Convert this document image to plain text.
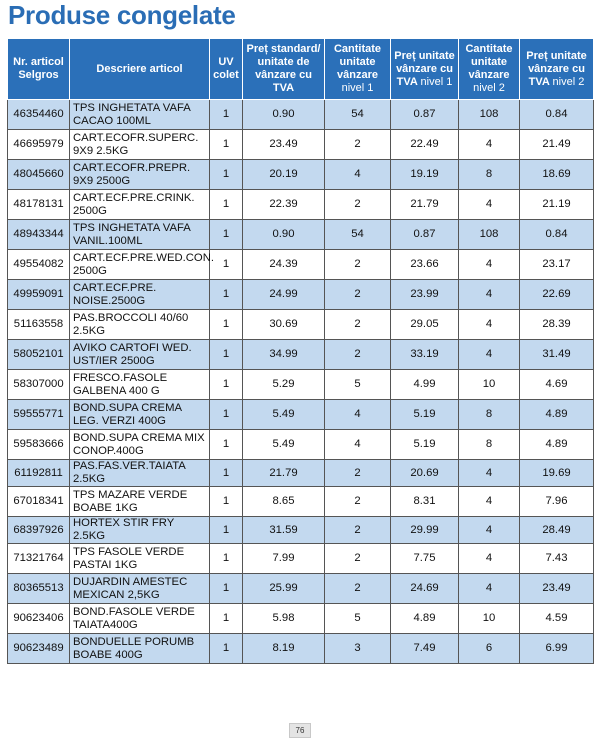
Produse congelate
Nr. articol Selgros	Descriere articol	UV colet	Preț standard/ unitate de vânzare cu TVA	Cantitate unitate vânzare nivel 1	Preț unitate vânzare cu TVA nivel 1	Cantitate unitate vânzare nivel 2	Preț unitate vânzare cu TVA nivel 2
46354460	TPS INGHETATA VAFA CACAO 100ML	1	0.90	54	0.87	108	0.84
46695979	CART.ECOFR.SUPERC. 9X9 2.5KG	1	23.49	2	22.49	4	21.49
48045660	CART.ECOFR.PREPR. 9X9 2500G	1	20.19	4	19.19	8	18.69
48178131	CART.ECF.PRE.CRINK. 2500G	1	22.39	2	21.79	4	21.19
48943344	TPS INGHETATA VAFA VANIL.100ML	1	0.90	54	0.87	108	0.84
49554082	CART.ECF.PRE.WED.CON. 2500G	1	24.39	2	23.66	4	23.17
49959091	CART.ECF.PRE. NOISE.2500G	1	24.99	2	23.99	4	22.69
51163558	PAS.BROCCOLI 40/60 2.5KG	1	30.69	2	29.05	4	28.39
58052101	AVIKO CARTOFI WED. UST/IER 2500G	1	34.99	2	33.19	4	31.49
58307000	FRESCO.FASOLE GALBENA 400 G	1	5.29	5	4.99	10	4.69
59555771	BOND.SUPA CREMA LEG. VERZI 400G	1	5.49	4	5.19	8	4.89
59583666	BOND.SUPA CREMA MIX CONOP.400G	1	5.49	4	5.19	8	4.89
61192811	PAS.FAS.VER.TAIATA 2.5KG	1	21.79	2	20.69	4	19.69
67018341	TPS MAZARE VERDE BOABE 1KG	1	8.65	2	8.31	4	7.96
68397926	HORTEX STIR FRY 2.5KG	1	31.59	2	29.99	4	28.49
71321764	TPS FASOLE VERDE PASTAI 1KG	1	7.99	2	7.75	4	7.43
80365513	DUJARDIN AMESTEC MEXICAN 2,5KG	1	25.99	2	24.69	4	23.49
90623406	BOND.FASOLE VERDE TAIATA400G	1	5.98	5	4.89	10	4.59
90623489	BONDUELLE PORUMB BOABE 400G	1	8.19	3	7.49	6	6.99
76
